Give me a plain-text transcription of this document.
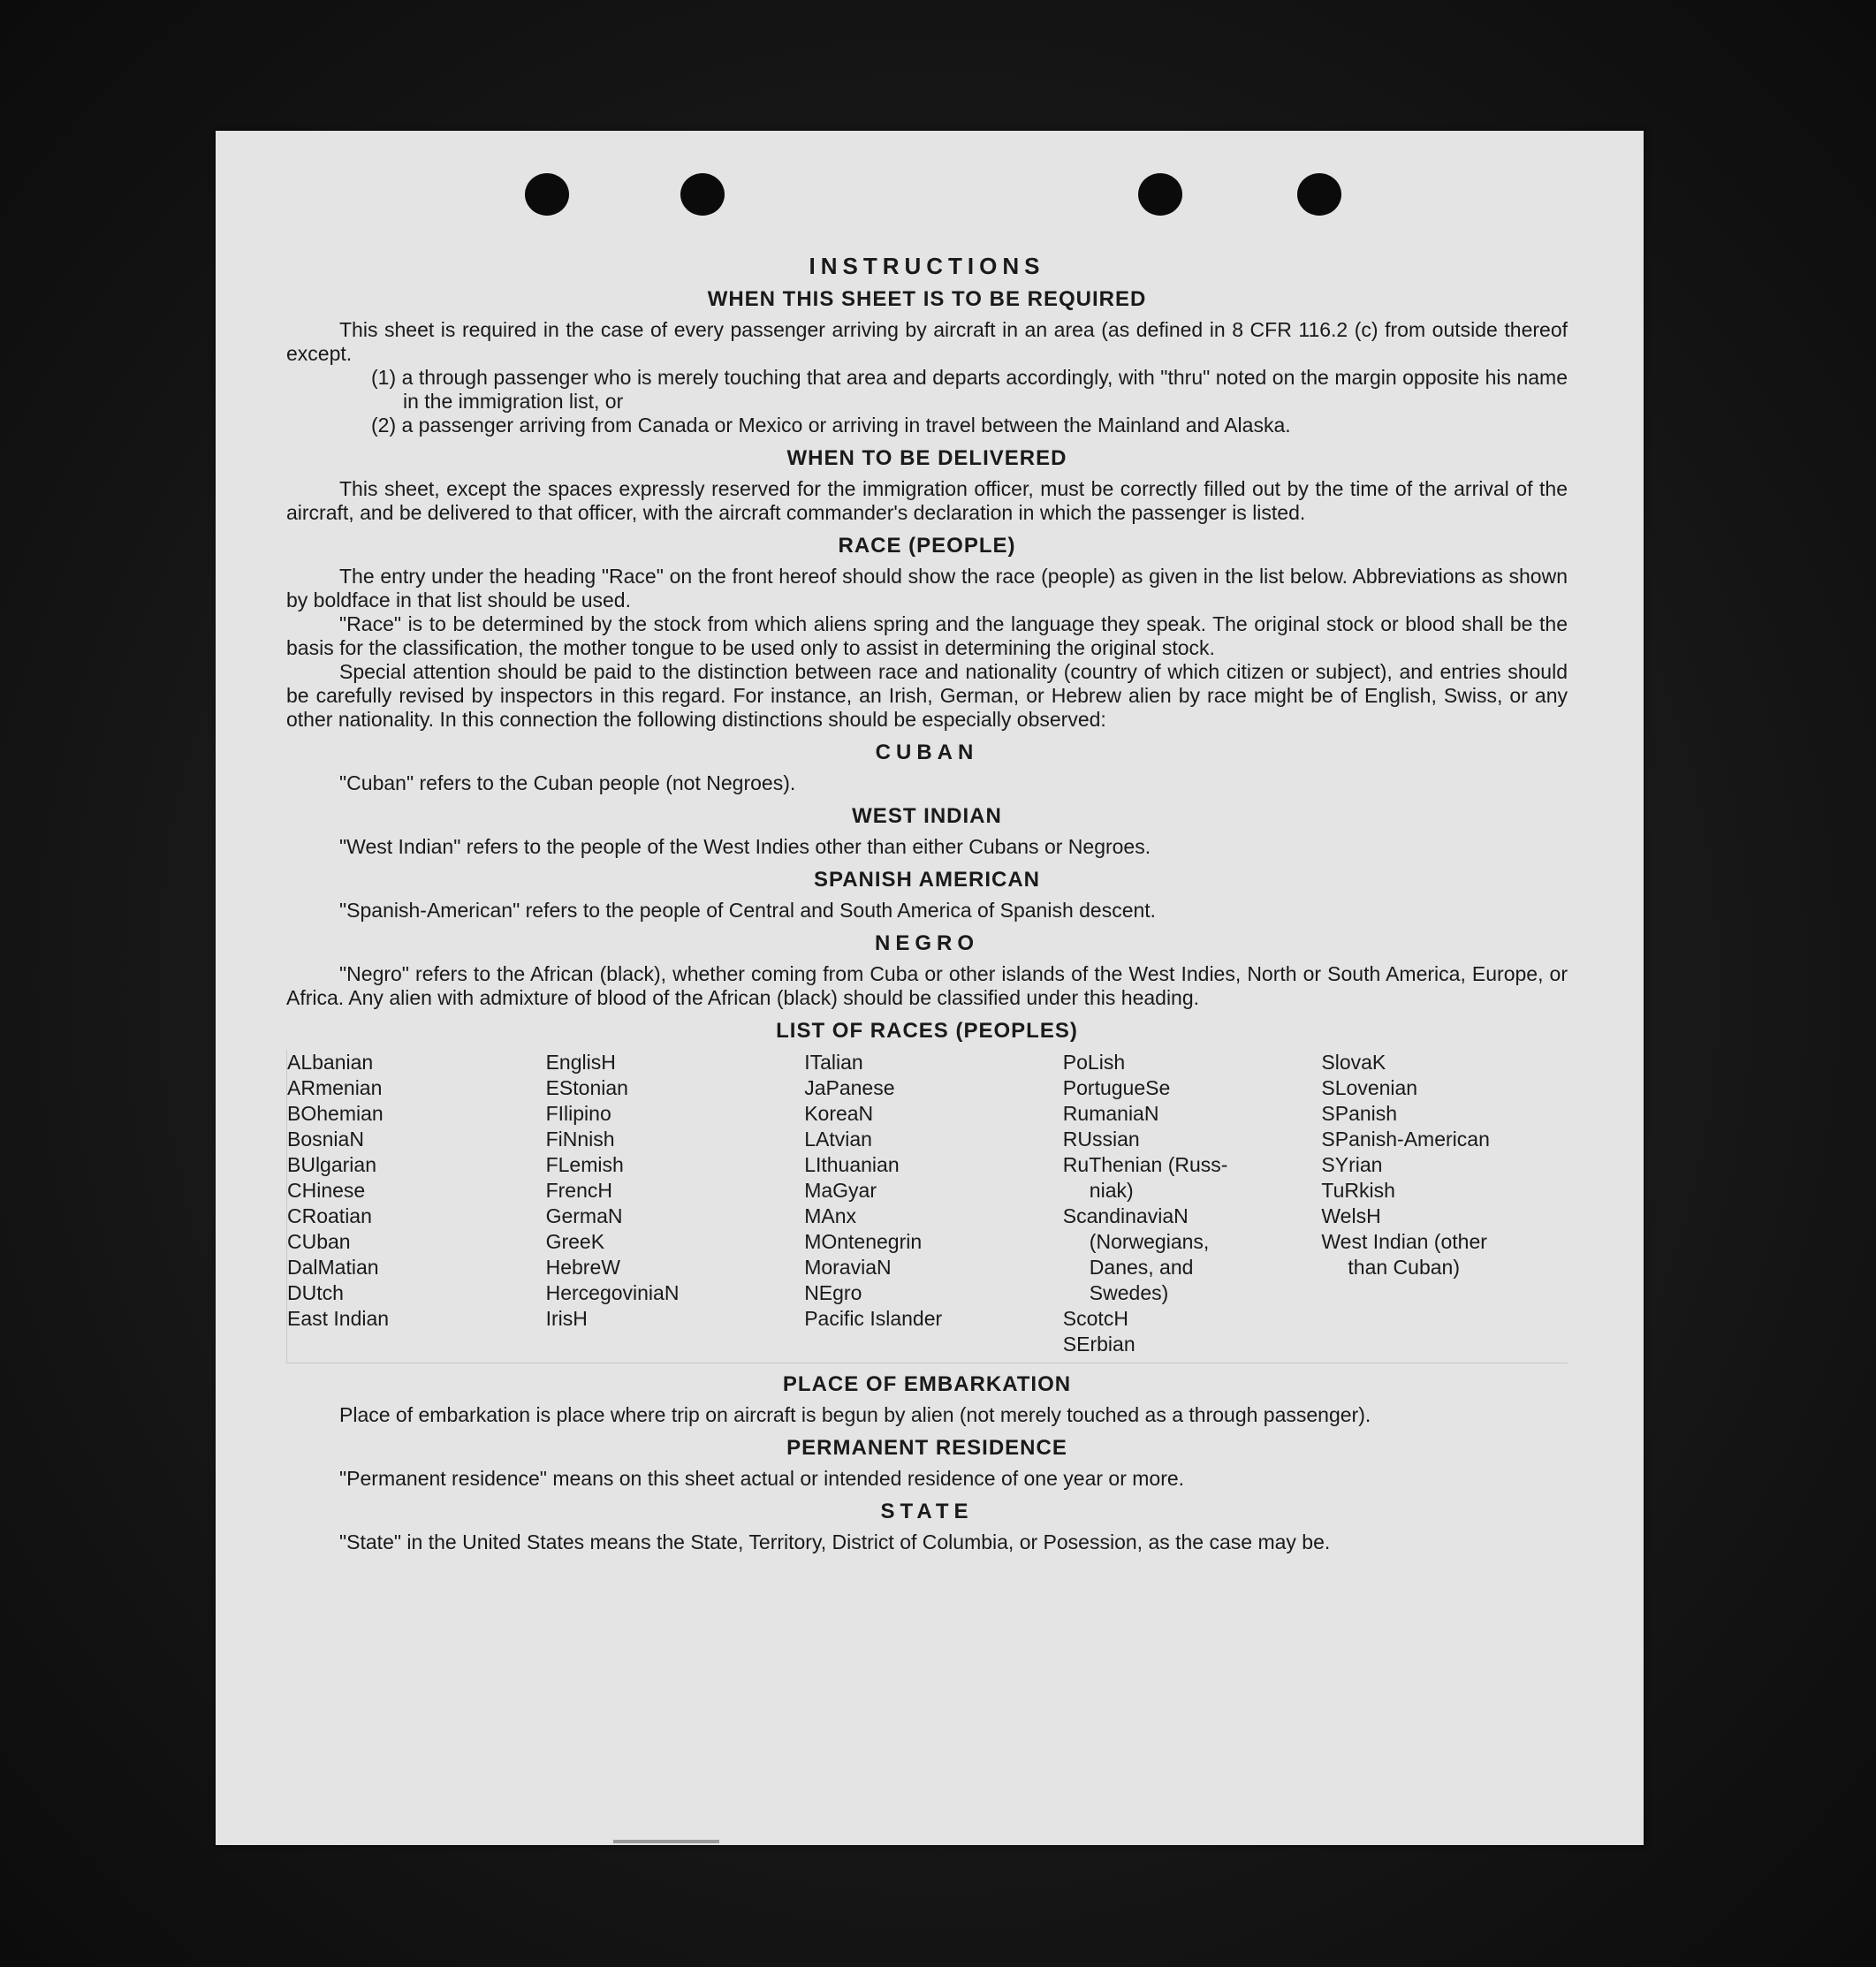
INSTRUCTIONS
WHEN THIS SHEET IS TO BE REQUIRED

This sheet is required in the case of every passenger arriving by aircraft in an area (as defined in 8 CFR 116.2 (c) from outside thereof except.

(1) a through passenger who is merely touching that area and departs accordingly, with "thru" noted on the margin opposite his name in the immigration list, or

(2) a passenger arriving from Canada or Mexico or arriving in travel between the Mainland and Alaska.

WHEN TO BE DELIVERED

This sheet, except the spaces expressly reserved for the immigration officer, must be correctly filled out by the time of the arrival of the aircraft, and be delivered to that officer, with the aircraft commander's declaration in which the passenger is listed.

RACE (PEOPLE)

The entry under the heading "Race" on the front hereof should show the race (people) as given in the list below. Abbreviations as shown by boldface in that list should be used.

"Race" is to be determined by the stock from which aliens spring and the language they speak. The original stock or blood shall be the basis for the classification, the mother tongue to be used only to assist in determining the original stock.

Special attention should be paid to the distinction between race and nationality (country of which citizen or subject), and entries should be carefully revised by inspectors in this regard. For instance, an Irish, German, or Hebrew alien by race might be of English, Swiss, or any other nationality. In this connection the following distinctions should be especially observed:

CUBAN

"Cuban" refers to the Cuban people (not Negroes).

WEST INDIAN

"West Indian" refers to the people of the West Indies other than either Cubans or Negroes.

SPANISH AMERICAN

"Spanish-American" refers to the people of Central and South America of Spanish descent.

NEGRO

"Negro" refers to the African (black), whether coming from Cuba or other islands of the West Indies, North or South America, Europe, or Africa. Any alien with admixture of blood of the African (black) should be classified under this heading.

LIST OF RACES (PEOPLES)
ALbanian
ARmenian
BOhemian
BosniaN
BUlgarian
CHinese
CRoatian
CUban
DalMatian
DUtch
East Indian
EnglisH
EStonian
FIlipino
FiNnish
FLemish
FrencH
GermaN
GreeK
HebreW
HercegoviniaN
IrisH
ITalian
JaPanese
KoreaN
LAtvian
LIthuanian
MaGyar
MAnx
MOntenegrin
MoraviaN
NEgro
Pacific Islander
PoLish
PortugueSe
RumaniaN
RUssian
RuThenian (Russ-
niak)
ScandinaviaN
(Norwegians,
Danes, and
Swedes)
ScotcH
SErbian
SlovaK
SLovenian
SPanish
SPanish-American
SYrian
TuRkish
WelsH
West Indian (other
than Cuban)
PLACE OF EMBARKATION

Place of embarkation is place where trip on aircraft is begun by alien (not merely touched as a through passenger).

PERMANENT RESIDENCE

"Permanent residence" means on this sheet actual or intended residence of one year or more.

STATE

"State" in the United States means the State, Territory, District of Columbia, or Posession, as the case may be.
